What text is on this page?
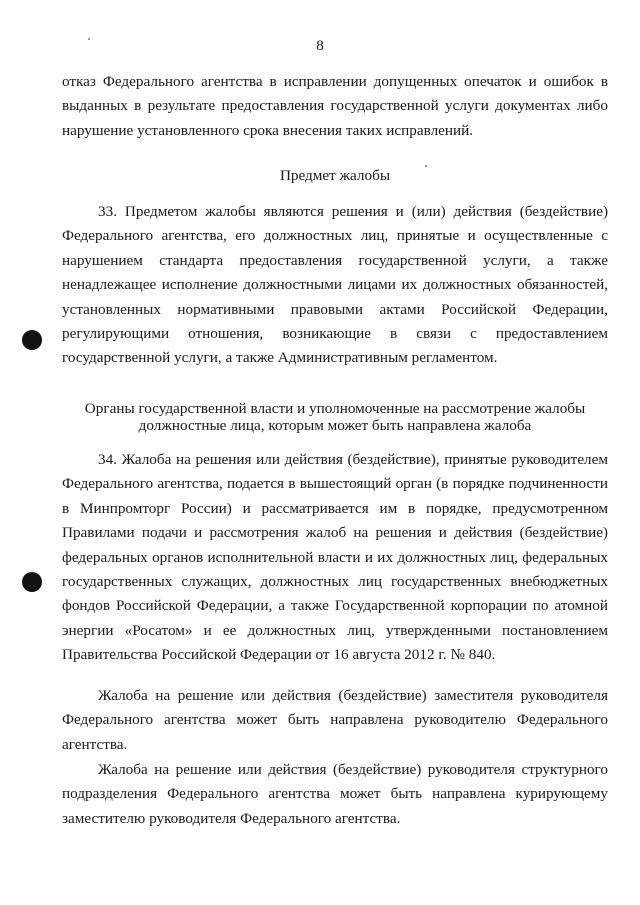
8

отказ Федерального агентства в исправлении допущенных опечаток и ошибок в выданных в результате предоставления государственной услуги документах либо нарушение установленного срока внесения таких исправлений.

Предмет жалобы

33. Предметом жалобы являются решения и (или) действия (бездействие) Федерального агентства, его должностных лиц, принятые и осуществленные с нарушением стандарта предоставления государственной услуги, а также ненадлежащее исполнение должностными лицами их должностных обязанностей, установленных нормативными правовыми актами Российской Федерации, регулирующими отношения, возникающие в связи с предоставлением государственной услуги, а также Административным регламентом.

Органы государственной власти и уполномоченные на рассмотрение жалобы
должностные лица, которым может быть направлена жалоба

34. Жалоба на решения или действия (бездействие), принятые руководителем Федерального агентства, подается в вышестоящий орган (в порядке подчиненности в Минпромторг России) и рассматривается им в порядке, предусмотренном Правилами подачи и рассмотрения жалоб на решения и действия (бездействие) федеральных органов исполнительной власти и их должностных лиц, федеральных государственных служащих, должностных лиц государственных внебюджетных фондов Российской Федерации, а также Государственной корпорации по атомной энергии «Росатом» и ее должностных лиц, утвержденными постановлением Правительства Российской Федерации от 16 августа 2012 г. № 840.

Жалоба на решение или действия (бездействие) заместителя руководителя Федерального агентства может быть направлена руководителю Федерального агентства.

Жалоба на решение или действия (бездействие) руководителя структурного подразделения Федерального агентства может быть направлена курирующему заместителю руководителя Федерального агентства.
